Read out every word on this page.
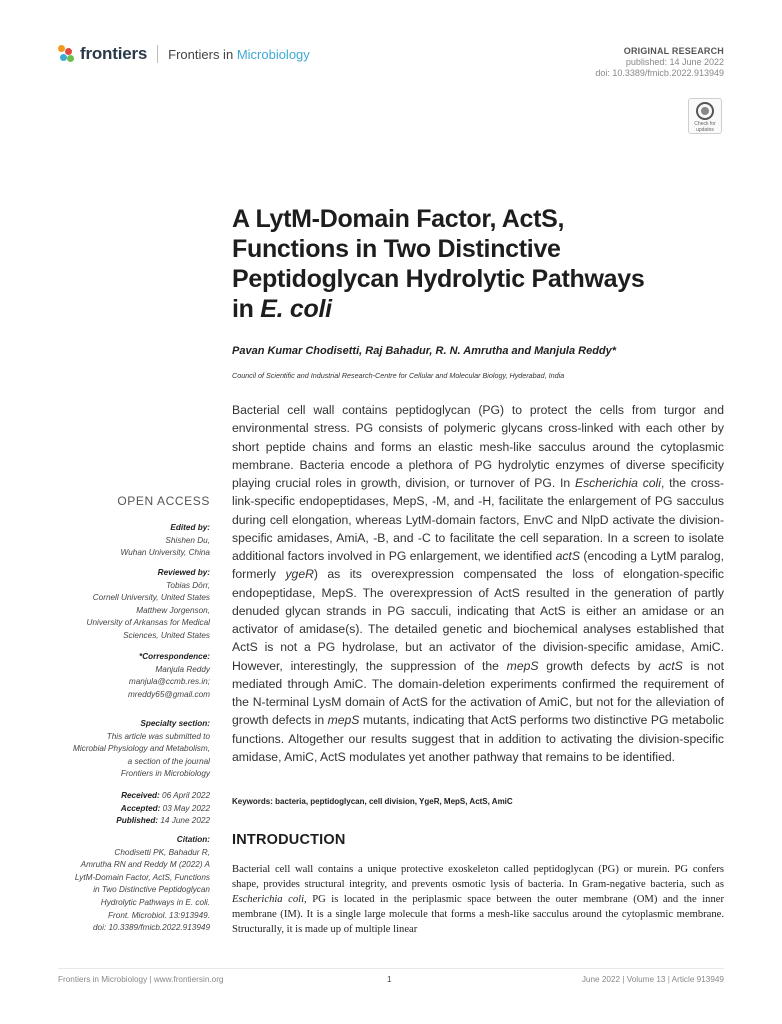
frontiers Frontiers in Microbiology	ORIGINAL RESEARCH
published: 14 June 2022
doi: 10.3389/fmicb.2022.913949
Check for
updates
A LytM-Domain Factor, ActS,
Functions in Two Distinctive
Peptidoglycan Hydrolytic Pathways
in E. coli
Pavan Kumar Chodisetti, Raj Bahadur, R. N. Amrutha and Manjula Reddy*
Council of Scientific and Industrial Research-Centre for Cellular and Molecular Biology, Hyderabad, India
Bacterial cell wall contains peptidoglycan (PG) to protect the cells from turgor and environmental stress. PG consists of polymeric glycans cross-linked with each other by short peptide chains and forms an elastic mesh-like sacculus around the cytoplasmic membrane. Bacteria encode a plethora of PG hydrolytic enzymes of diverse specificity playing crucial roles in growth, division, or turnover of PG. In Escherichia coli, the cross-link-specific endopeptidases, MepS, -M, and -H, facilitate the enlargement of PG sacculus during cell elongation, whereas LytM-domain factors, EnvC and NlpD activate the division-specific amidases, AmiA, -B, and -C to facilitate the cell separation. In a screen to isolate additional factors involved in PG enlargement, we identified actS (encoding a LytM paralog, formerly ygeR) as its overexpression compensated the loss of elongation-specific endopeptidase, MepS. The overexpression of ActS resulted in the generation of partly denuded glycan strands in PG sacculi, indicating that ActS is either an amidase or an activator of amidase(s). The detailed genetic and biochemical analyses established that ActS is not a PG hydrolase, but an activator of the division-specific amidase, AmiC. However, interestingly, the suppression of the mepS growth defects by actS is not mediated through AmiC. The domain-deletion experiments confirmed the requirement of the N-terminal LysM domain of ActS for the activation of AmiC, but not for the alleviation of growth defects in mepS mutants, indicating that ActS performs two distinctive PG metabolic functions. Altogether our results suggest that in addition to activating the division-specific amidase, AmiC, ActS modulates yet another pathway that remains to be identified.
Keywords: bacteria, peptidoglycan, cell division, YgeR, MepS, ActS, AmiC
INTRODUCTION
Bacterial cell wall contains a unique protective exoskeleton called peptidoglycan (PG) or murein. PG confers shape, provides structural integrity, and prevents osmotic lysis of bacteria. In Gram-negative bacteria, such as Escherichia coli, PG is located in the periplasmic space between the outer membrane (OM) and the inner membrane (IM). It is a single large molecule that forms a mesh-like sacculus around the cytoplasmic membrane. Structurally, it is made up of multiple linear
OPEN ACCESS
Edited by:
Shishen Du,
Wuhan University, China
Reviewed by:
Tobias Dörr,
Cornell University, United States
Matthew Jorgenson,
University of Arkansas for Medical
Sciences, United States
*Correspondence:
Manjula Reddy
manjula@ccmb.res.in;
mreddy65@gmail.com
Specialty section:
This article was submitted to
Microbial Physiology and Metabolism,
a section of the journal
Frontiers in Microbiology
Received: 06 April 2022
Accepted: 03 May 2022
Published: 14 June 2022
Citation:
Chodisetti PK, Bahadur R,
Amrutha RN and Reddy M (2022) A
LytM-Domain Factor, ActS, Functions
in Two Distinctive Peptidoglycan
Hydrolytic Pathways in E. coli.
Front. Microbiol. 13:913949.
doi: 10.3389/fmicb.2022.913949
Frontiers in Microbiology | www.frontiersin.org	1	June 2022 | Volume 13 | Article 913949
